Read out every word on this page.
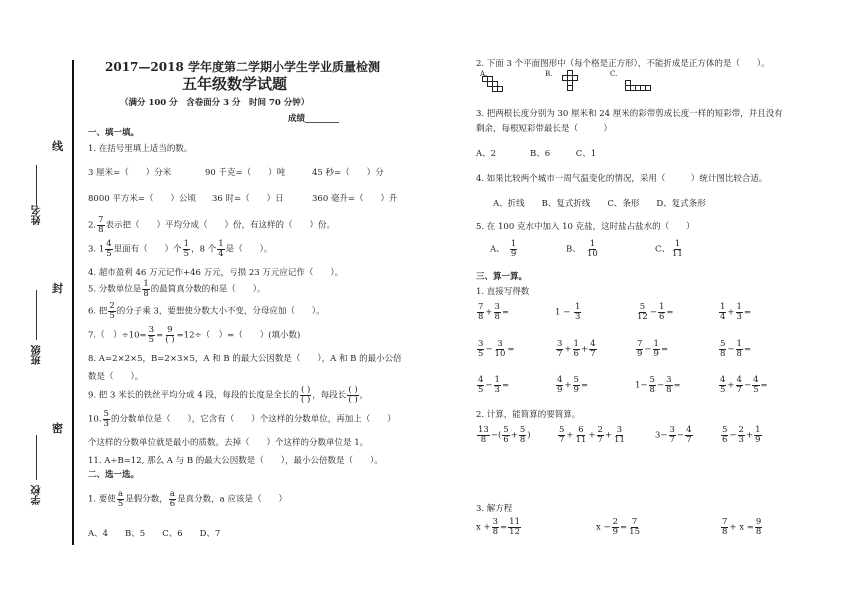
线
姓名
封
班级
密
学校
2017—2018 学年度第二学期小学生学业质量检测
五年级数学试题
（满分 100 分　含卷面分 3 分　时间 70 分钟）
成绩________
一、填一填。
1. 在括号里填上适当的数。
3 厘米=（　　）分米	90 千克=（　　）吨	45 秒=（　　）分
8000 平方米=（　　）公顷 36 时=（　　）日	360 毫升=（　　）升
2. $\frac{7}{8}$ 表示把（　　）平均分成（　　）份，有这样的（　　）份。
3. $1 \frac{4}{5}$ 里面有（　　）个 $\frac{1}{5}$ ，8 个 $\frac{1}{4}$ 是（　　）。
4. 超市盈利 46 万元记作+46 万元，亏损 23 万元应记作（　　）。
5. 分数单位是 $\frac{1}{8}$ 的最简真分数的和是（　　）。
6. 把 $\frac{2}{5}$ 的分子乘 3，要想使分数大小不变，分母应加（　　）。
7.（　）$\div 10= \frac{3}{5} = \frac{9}{( )} =12\div$（　）=（　　）(填小数)
8. A=2×2×5，B=2×3×5，A 和 B 的最大公因数是（　　），A 和 B 的最小公倍
数是（　　）。
9. 把 3 米长的铁丝平均分成 4 段，每段的长度是全长的 $\frac{( )}{( )}$ ，每段长 $\frac{( )}{( )}$ ，
10. $\frac{5}{3}$ 的分数单位是（　　），它含有（　　）个这样的分数单位，再加上（　　）
个这样的分数单位就是最小的质数。去掉（　　）个这样的分数单位是 1。
11. A÷B=12, 那么 A 与 B 的最大公因数是（　　），最小公倍数是（　　）。
二、选一选。
1. 要使 $\frac{a}{5}$ 是假分数， $\frac{a}{6}$ 是真分数，a 应该是（　　）
A、4　　B、5　　C、6　　D、7
2. 下面 3 个平面图形中（每个格是正方形），不能折成是正方体的是（　　）。
A.	B.	C.
3. 把两根长度分别为 30 厘米和 24 厘米的彩带剪成长度一样的短彩带，并且没有
剩余，每根短彩带最长是（　　　）
A、2　　　　B、6　　　C、1
4. 如果比较两个城市一周气温变化的情况，采用（　　　）统计图比较合适。
A、折线　　B、复式折线　　C、条形　　D、复式条形
5. 在 100 克水中加入 10 克盐，这时盐占盐水的（　　）
A、　 $\frac{1}{9}$	B、　 $\frac{1}{10}$	C、 $\frac{1}{11}$
三、算一算。
1. 直接写得数
$\frac{7}{8} + \frac{3}{8}$ =	$1 - \frac{1}{3}$	$\frac{5}{12} - \frac{1}{6}$ =	$\frac{1}{4} + \frac{1}{3}$ =
$\frac{3}{5} - \frac{3}{10}$ =	$\frac{3}{7} + \frac{1}{6} + \frac{4}{7}$	$\frac{7}{9} - \frac{1}{9}$ =	$\frac{5}{8} - \frac{1}{8}$ =
$\frac{4}{5} - \frac{1}{3}$ =	$\frac{4}{9} + \frac{5}{9}$ =	$1- \frac{5}{8} - \frac{3}{8}$ =	$\frac{4}{5} + \frac{4}{7} - \frac{4}{5}$ =
2. 计算，能简算的要简算。
$\frac{13}{8}$ −( $\frac{5}{6} + \frac{5}{8}$ )	$\frac{5}{7} + \frac{6}{11} + \frac{2}{7} + \frac{3}{11}$	$3- \frac{3}{7} - \frac{4}{7}$	$\frac{5}{6} - \frac{2}{3} + \frac{1}{9}$
3. 解方程
$x + \frac{3}{8} = \frac{11}{12}$	$x - \frac{2}{9} = \frac{7}{15}$	$\frac{7}{8} + x = \frac{9}{8}$
